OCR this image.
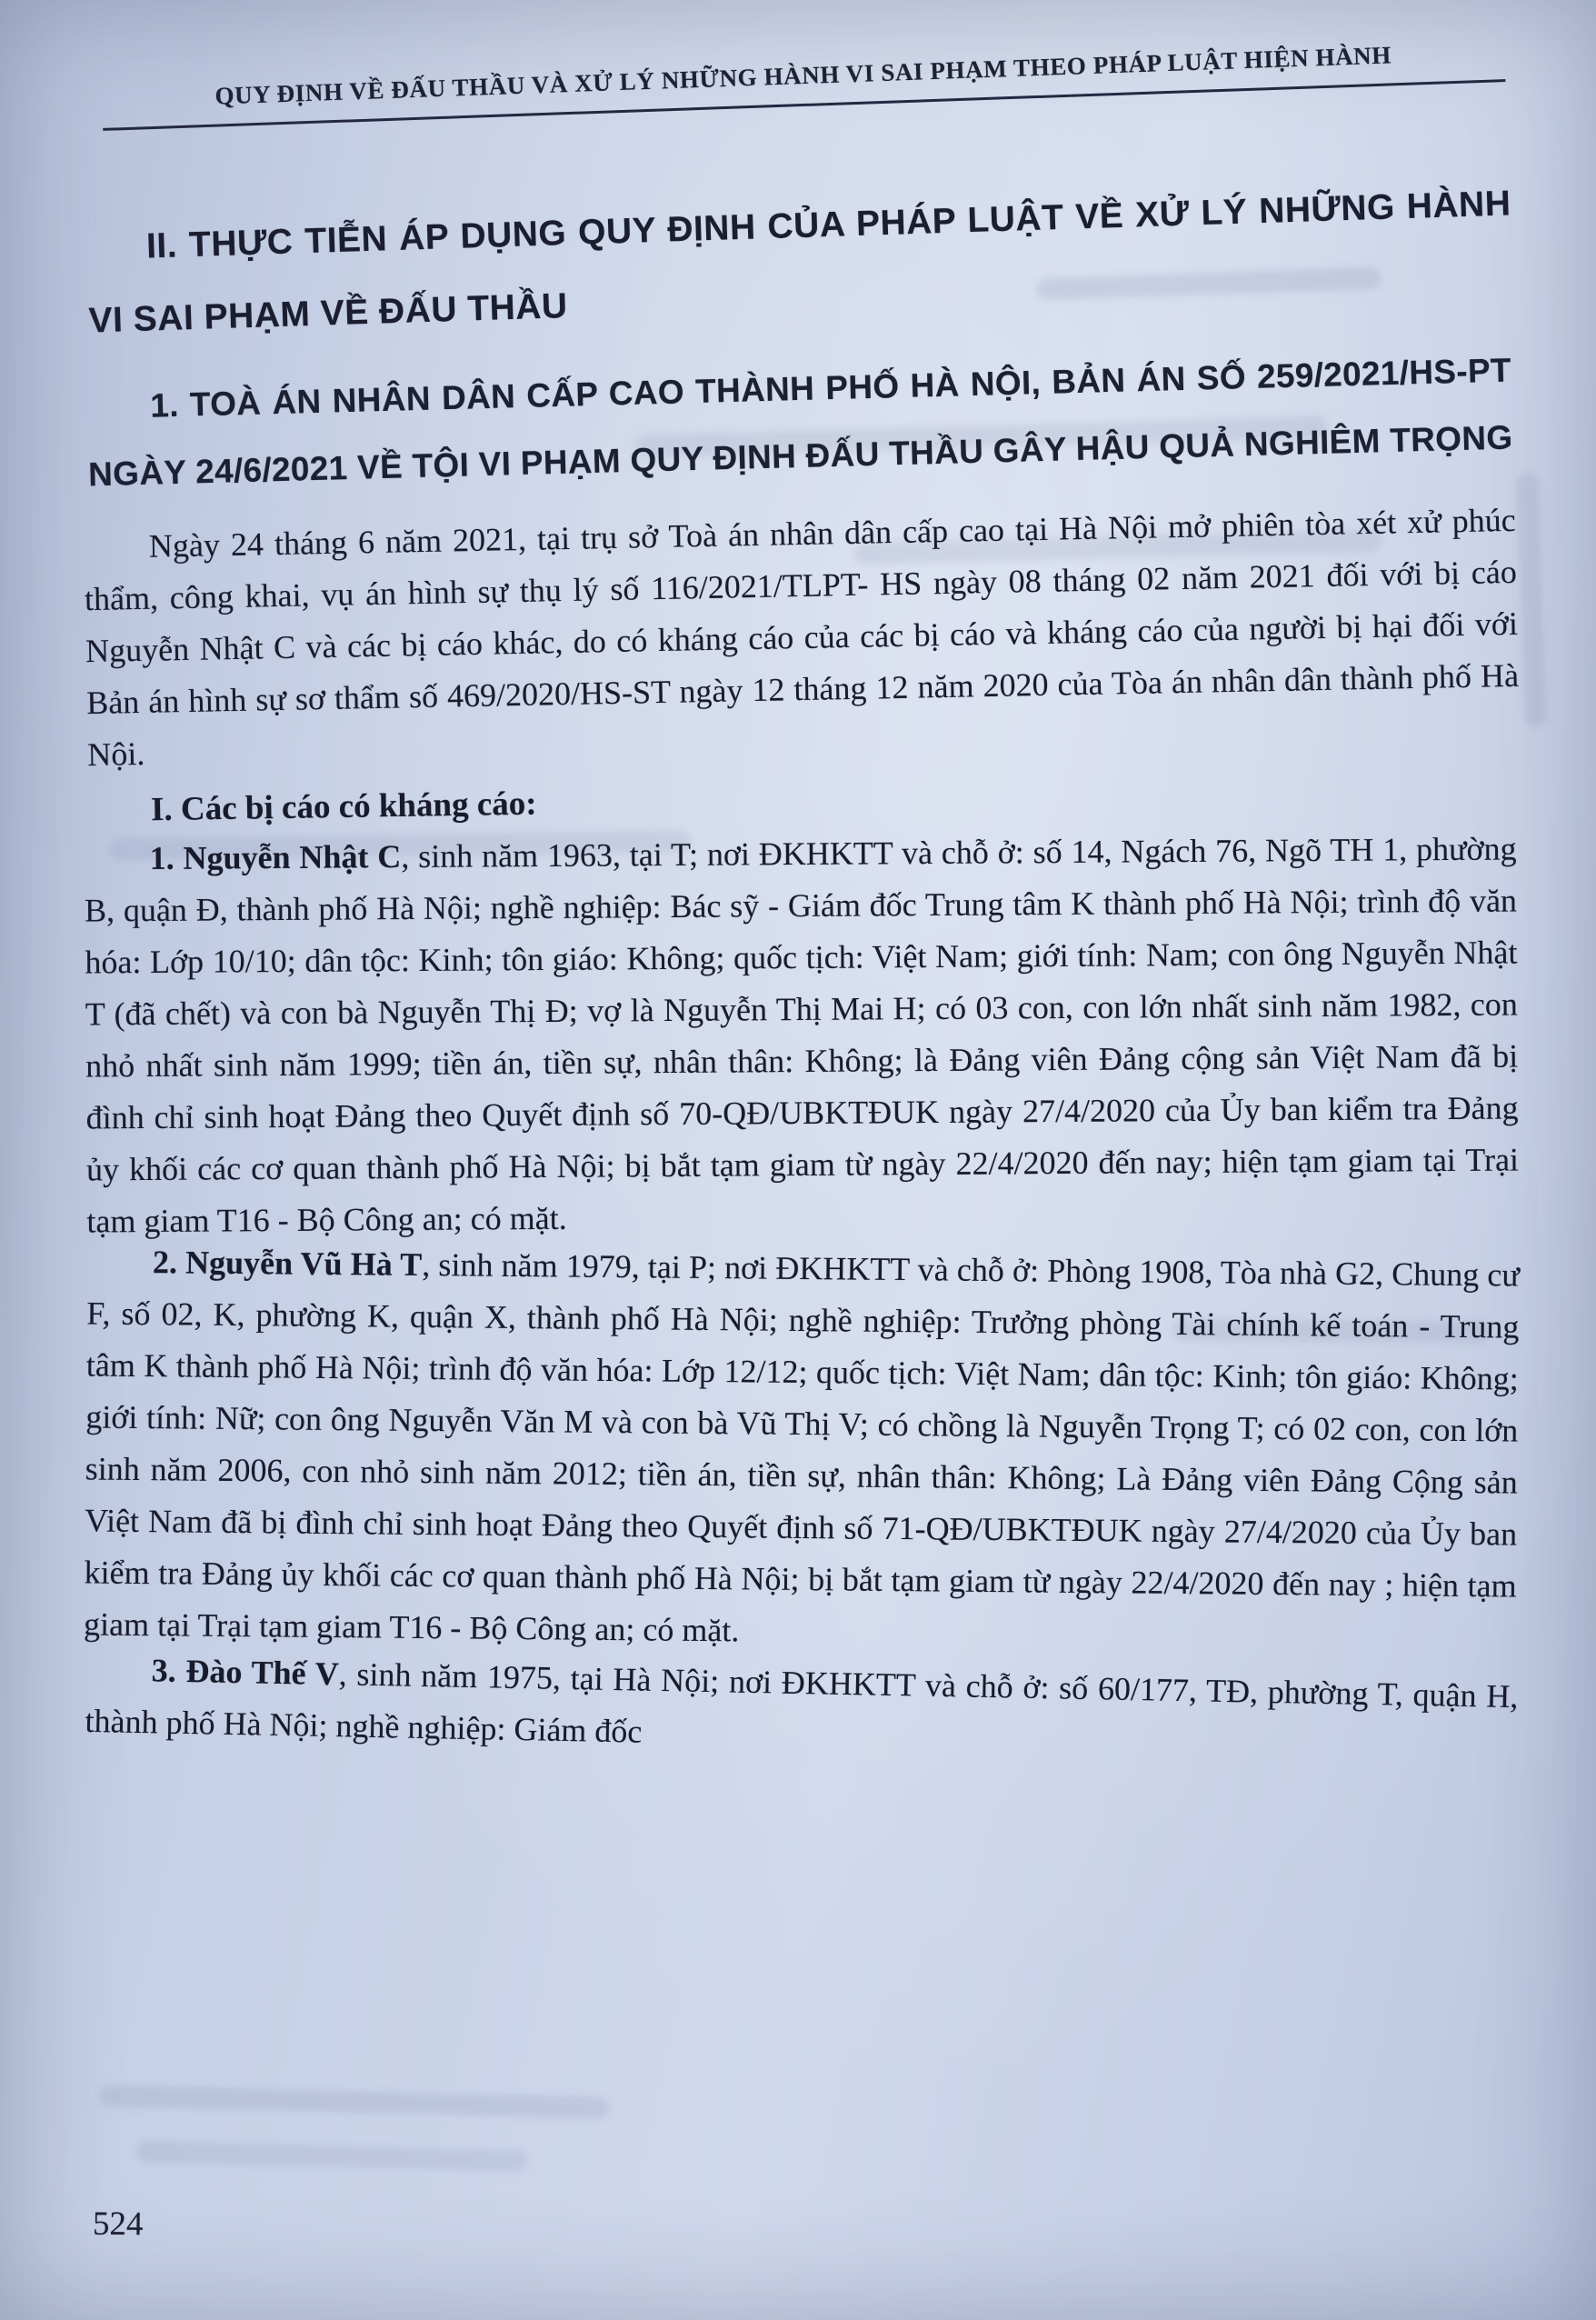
QUY ĐỊNH VỀ ĐẤU THẦU VÀ XỬ LÝ NHỮNG HÀNH VI SAI PHẠM THEO PHÁP LUẬT HIỆN HÀNH
II. THỰC TIỄN ÁP DỤNG QUY ĐỊNH CỦA PHÁP LUẬT VỀ XỬ LÝ NHỮNG HÀNH VI SAI PHẠM VỀ ĐẤU THẦU
1. TOÀ ÁN NHÂN DÂN CẤP CAO THÀNH PHỐ HÀ NỘI, BẢN ÁN SỐ 259/2021/HS-PT NGÀY 24/6/2021 VỀ TỘI VI PHẠM QUY ĐỊNH ĐẤU THẦU GÂY HẬU QUẢ NGHIÊM TRỌNG

Ngày 24 tháng 6 năm 2021, tại trụ sở Toà án nhân dân cấp cao tại Hà Nội mở phiên tòa xét xử phúc thẩm, công khai, vụ án hình sự thụ lý số 116/2021/TLPT- HS ngày 08 tháng 02 năm 2021 đối với bị cáo Nguyễn Nhật C và các bị cáo khác, do có kháng cáo của các bị cáo và kháng cáo của người bị hại đối với Bản án hình sự sơ thẩm số 469/2020/HS-ST ngày 12 tháng 12 năm 2020 của Tòa án nhân dân thành phố Hà Nội.

I. Các bị cáo có kháng cáo:

1. Nguyễn Nhật C, sinh năm 1963, tại T; nơi ĐKHKTT và chỗ ở: số 14, Ngách 76, Ngõ TH 1, phường B, quận Đ, thành phố Hà Nội; nghề nghiệp: Bác sỹ - Giám đốc Trung tâm K thành phố Hà Nội; trình độ văn hóa: Lớp 10/10; dân tộc: Kinh; tôn giáo: Không; quốc tịch: Việt Nam; giới tính: Nam; con ông Nguyễn Nhật T (đã chết) và con bà Nguyễn Thị Đ; vợ là Nguyễn Thị Mai H; có 03 con, con lớn nhất sinh năm 1982, con nhỏ nhất sinh năm 1999; tiền án, tiền sự, nhân thân: Không; là Đảng viên Đảng cộng sản Việt Nam đã bị đình chỉ sinh hoạt Đảng theo Quyết định số 70-QĐ/UBKTĐUK ngày 27/4/2020 của Ủy ban kiểm tra Đảng ủy khối các cơ quan thành phố Hà Nội; bị bắt tạm giam từ ngày 22/4/2020 đến nay; hiện tạm giam tại Trại tạm giam T16 - Bộ Công an; có mặt.

2. Nguyễn Vũ Hà T, sinh năm 1979, tại P; nơi ĐKHKTT và chỗ ở: Phòng 1908, Tòa nhà G2, Chung cư F, số 02, K, phường K, quận X, thành phố Hà Nội; nghề nghiệp: Trưởng phòng Tài chính kế toán - Trung tâm K thành phố Hà Nội; trình độ văn hóa: Lớp 12/12; quốc tịch: Việt Nam; dân tộc: Kinh; tôn giáo: Không; giới tính: Nữ; con ông Nguyễn Văn M và con bà Vũ Thị V; có chồng là Nguyễn Trọng T; có 02 con, con lớn sinh năm 2006, con nhỏ sinh năm 2012; tiền án, tiền sự, nhân thân: Không; Là Đảng viên Đảng Cộng sản Việt Nam đã bị đình chỉ sinh hoạt Đảng theo Quyết định số 71-QĐ/UBKTĐUK ngày 27/4/2020 của Ủy ban kiểm tra Đảng ủy khối các cơ quan thành phố Hà Nội; bị bắt tạm giam từ ngày 22/4/2020 đến nay ; hiện tạm giam tại Trại tạm giam T16 - Bộ Công an; có mặt.

3. Đào Thế V, sinh năm 1975, tại Hà Nội; nơi ĐKHKTT và chỗ ở: số 60/177, TĐ, phường T, quận H, thành phố Hà Nội; nghề nghiệp: Giám đốc

524
